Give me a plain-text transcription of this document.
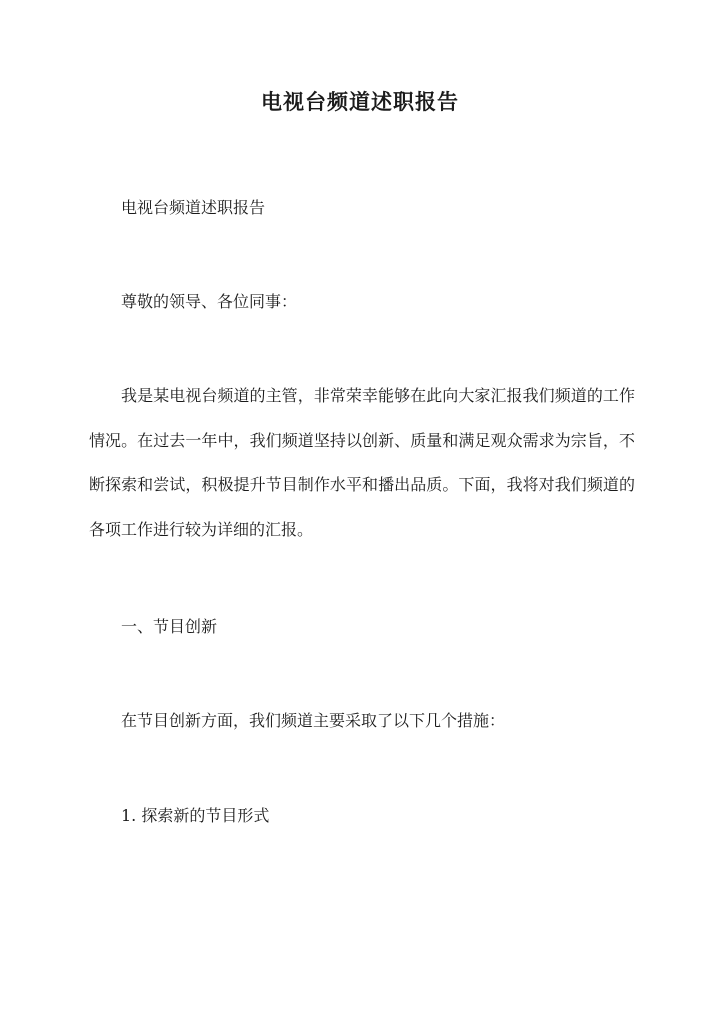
电视台频道述职报告

电视台频道述职报告

尊敬的领导、各位同事：

我是某电视台频道的主管，非常荣幸能够在此向大家汇报我们频道的工作情况。在过去一年中，我们频道坚持以创新、质量和满足观众需求为宗旨，不断探索和尝试，积极提升节目制作水平和播出品质。下面，我将对我们频道的各项工作进行较为详细的汇报。

一、节目创新

在节目创新方面，我们频道主要采取了以下几个措施：

1. 探索新的节目形式
